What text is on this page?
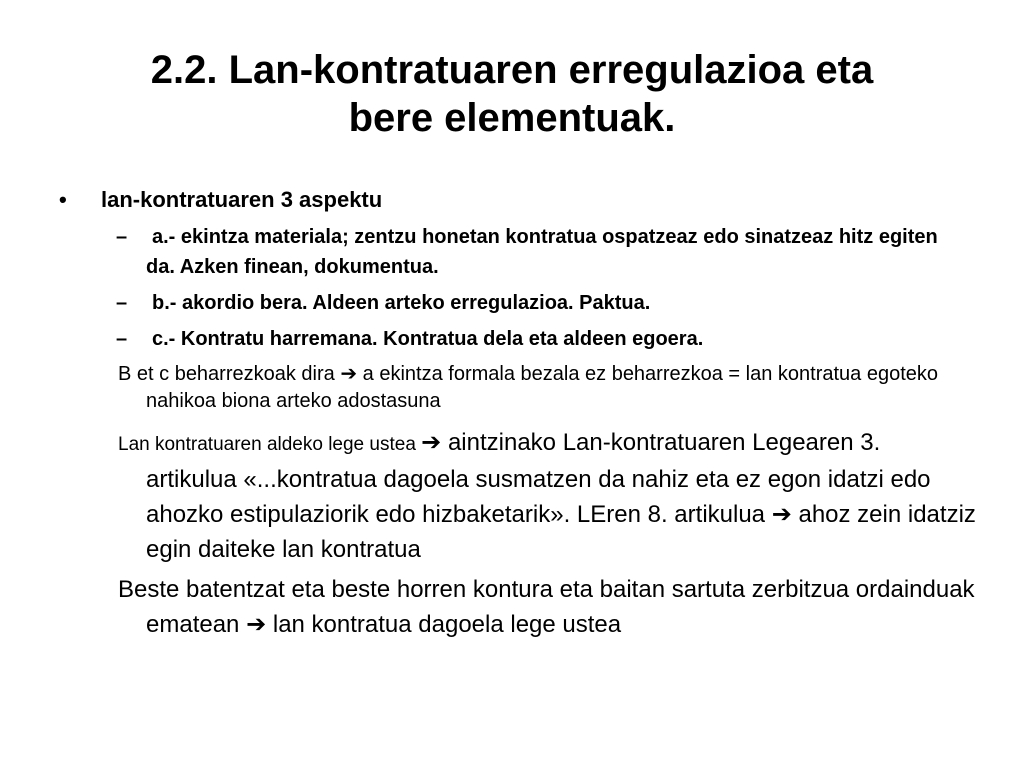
2.2. Lan-kontratuaren erregulazioa eta
bere elementuak.
• lan-kontratuaren 3 aspektu
– a.- ekintza materiala; zentzu honetan kontratua ospatzeaz edo sinatzeaz hitz egiten da. Azken finean, dokumentua.
– b.- akordio bera. Aldeen arteko erregulazioa. Paktua.
– c.- Kontratu harremana. Kontratua dela eta aldeen egoera.
B et c beharrezkoak dira ➔ a ekintza formala bezala ez beharrezkoa = lan kontratua egoteko nahikoa biona arteko adostasuna
Lan kontratuaren aldeko lege ustea ➔ aintzinako Lan-kontratuaren Legearen 3. artikulua «...kontratua dagoela susmatzen da nahiz eta ez egon idatzi edo ahozko estipulaziorik edo hizbaketarik». LEren 8. artikulua ➔ ahoz zein idatziz egin daiteke lan kontratua
Beste batentzat eta beste horren kontura eta baitan sartuta zerbitzua ordainduak ematean ➔ lan kontratua dagoela lege ustea
